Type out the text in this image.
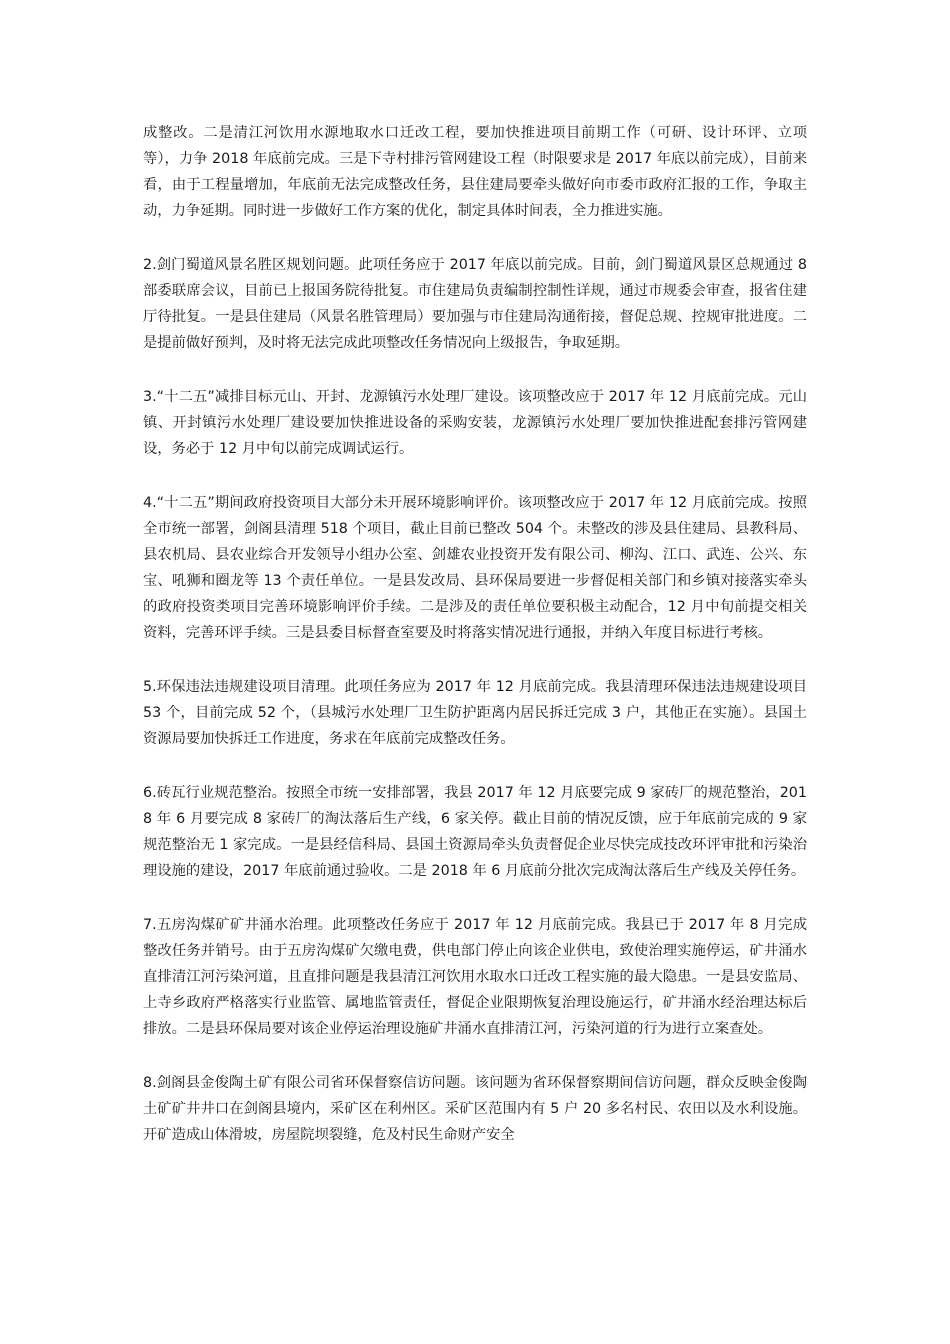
成整改。二是清江河饮用水源地取水口迁改工程，要加快推进项目前期工作（可研、设计环评、立项等），力争 2018 年底前完成。三是下寺村排污管网建设工程（时限要求是 2017 年底以前完成），目前来看，由于工程量增加，年底前无法完成整改任务，县住建局要牵头做好向市委市政府汇报的工作，争取主动，力争延期。同时进一步做好工作方案的优化，制定具体时间表，全力推进实施。

2.剑门蜀道风景名胜区规划问题。此项任务应于 2017 年底以前完成。目前，剑门蜀道风景区总规通过 8 部委联席会议，目前已上报国务院待批复。市住建局负责编制控制性详规，通过市规委会审查，报省住建厅待批复。一是县住建局（风景名胜管理局）要加强与市住建局沟通衔接，督促总规、控规审批进度。二是提前做好预判，及时将无法完成此项整改任务情况向上级报告，争取延期。

3.“十二五”减排目标元山、开封、龙源镇污水处理厂建设。该项整改应于 2017 年 12 月底前完成。元山镇、开封镇污水处理厂建设要加快推进设备的采购安装，龙源镇污水处理厂要加快推进配套排污管网建设，务必于 12 月中旬以前完成调试运行。

4.“十二五”期间政府投资项目大部分未开展环境影响评价。该项整改应于 2017 年 12 月底前完成。按照全市统一部署，剑阁县清理 518 个项目，截止目前已整改 504 个。未整改的涉及县住建局、县教科局、县农机局、县农业综合开发领导小组办公室、剑雄农业投资开发有限公司、柳沟、江口、武连、公兴、东宝、吼狮和圈龙等 13 个责任单位。一是县发改局、县环保局要进一步督促相关部门和乡镇对接落实牵头的政府投资类项目完善环境影响评价手续。二是涉及的责任单位要积极主动配合，12 月中旬前提交相关资料，完善环评手续。三是县委目标督查室要及时将落实情况进行通报，并纳入年度目标进行考核。

5.环保违法违规建设项目清理。此项任务应为 2017 年 12 月底前完成。我县清理环保违法违规建设项目 53 个，目前完成 52 个，（县城污水处理厂卫生防护距离内居民拆迁完成 3 户，其他正在实施）。县国土资源局要加快拆迁工作进度，务求在年底前完成整改任务。

6.砖瓦行业规范整治。按照全市统一安排部署，我县 2017 年 12 月底要完成 9 家砖厂的规范整治，2018 年 6 月要完成 8 家砖厂的淘汰落后生产线，6 家关停。截止目前的情况反馈，应于年底前完成的 9 家规范整治无 1 家完成。一是县经信科局、县国土资源局牵头负责督促企业尽快完成技改环评审批和污染治理设施的建设，2017 年底前通过验收。二是 2018 年 6 月底前分批次完成淘汰落后生产线及关停任务。

7.五房沟煤矿矿井涌水治理。此项整改任务应于 2017 年 12 月底前完成。我县已于 2017 年 8 月完成整改任务并销号。由于五房沟煤矿欠缴电费，供电部门停止向该企业供电，致使治理实施停运，矿井涌水直排清江河污染河道，且直排问题是我县清江河饮用水取水口迁改工程实施的最大隐患。一是县安监局、上寺乡政府严格落实行业监管、属地监管责任，督促企业限期恢复治理设施运行，矿井涌水经治理达标后排放。二是县环保局要对该企业停运治理设施矿井涌水直排清江河，污染河道的行为进行立案查处。

8.剑阁县金俊陶土矿有限公司省环保督察信访问题。该问题为省环保督察期间信访问题，群众反映金俊陶土矿矿井井口在剑阁县境内，采矿区在利州区。采矿区范围内有 5 户 20 多名村民、农田以及水利设施。开矿造成山体滑坡，房屋院坝裂缝，危及村民生命财产安全
